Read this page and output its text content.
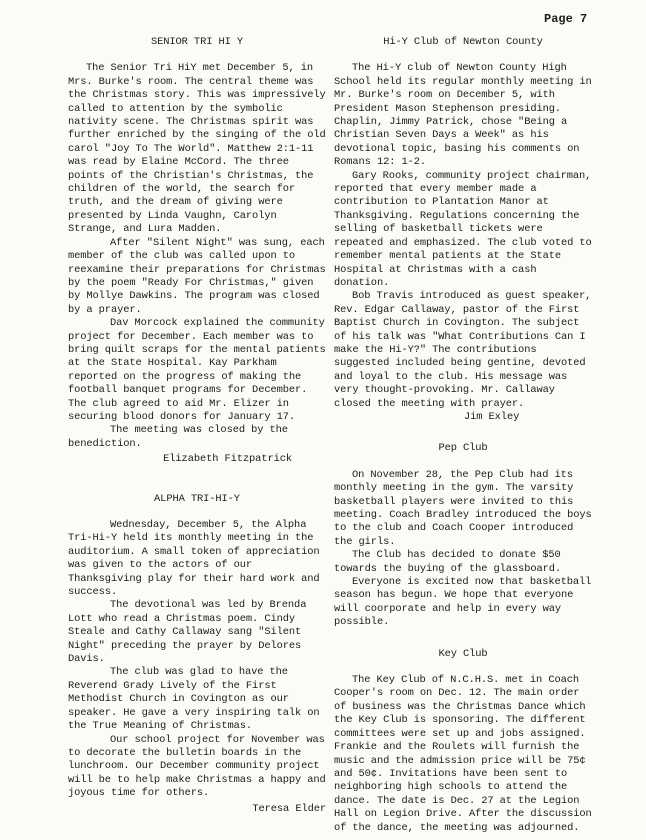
Page 7

SENIOR TRI HI Y

The Senior Tri HiY met December 5, in Mrs. Burke's room. The central theme was the Christmas story. This was impressively called to attention by the symbolic nativity scene. The Christmas spirit was further enriched by the singing of the old carol "Joy To The World". Matthew 2:1-11 was read by Elaine McCord. The three points of the Christian's Christmas, the children of the world, the search for truth, and the dream of giving were presented by Linda Vaughn, Carolyn Strange, and Lura Madden.

After "Silent Night" was sung, each member of the club was called upon to reexamine their preparations for Christmas by the poem "Ready For Christmas," given by Mollye Dawkins. The program was closed by a prayer.

Dav Morcock explained the community project for December. Each member was to bring quilt scraps for the mental patients at the State Hospital. Kay Parkham reported on the progress of making the football banquet programs for December. The club agreed to aid Mr. Elizer in securing blood donors for January 17.

The meeting was closed by the benediction.

Elizabeth Fitzpatrick

ALPHA TRI-HI-Y

Wednesday, December 5, the Alpha Tri-Hi-Y held its monthly meeting in the auditorium. A small token of appreciation was given to the actors of our Thanksgiving play for their hard work and success.

The devotional was led by Brenda Lott who read a Christmas poem. Cindy Steale and Cathy Callaway sang "Silent Night" preceding the prayer by Delores Davis.

The club was glad to have the Reverend Grady Lively of the First Methodist Church in Covington as our speaker. He gave a very inspiring talk on the True Meaning of Christmas.

Our school project for November was to decorate the bulletin boards in the lunchroom. Our December community project will be to help make Christmas a happy and joyous time for others.

Teresa Elder

Hi-Y Club of Newton County

The Hi-Y club of Newton County High School held its regular monthly meeting in Mr. Burke's room on December 5, with President Mason Stephenson presiding. Chaplin, Jimmy Patrick, chose "Being a Christian Seven Days a Week" as his devotional topic, basing his comments on Romans 12: 1-2.

Gary Rooks, community project chairman, reported that every member made a contribution to Plantation Manor at Thanksgiving. Regulations concerning the selling of basketball tickets were repeated and emphasized. The club voted to remember mental patients at the State Hospital at Christmas with a cash donation.

Bob Travis introduced as guest speaker, Rev. Edgar Callaway, pastor of the First Baptist Church in Covington. The subject of his talk was "What Contributions Can I make the Hi-Y?" The contributions suggested included being gentine, devoted and loyal to the club. His message was very thought-provoking. Mr. Callaway closed the meeting with prayer.

Jim Exley

Pep Club

On November 28, the Pep Club had its monthly meeting in the gym. The varsity basketball players were invited to this meeting. Coach Bradley introduced the boys to the club and Coach Cooper introduced the girls.

The Club has decided to donate $50 towards the buying of the glassboard.

Everyone is excited now that basketball season has begun. We hope that everyone will coorporate and help in every way possible.

Key Club

The Key Club of N.C.H.S. met in Coach Cooper's room on Dec. 12. The main order of business was the Christmas Dance which the Key Club is sponsoring. The different committees were set up and jobs assigned. Frankie and the Roulets will furnish the music and the admission price will be 75¢ and 50¢. Invitations have been sent to neighboring high schools to attend the dance. The date is Dec. 27 at the Legion Hall on Legion Drive. After the discussion of the dance, the meeting was adjourned.
